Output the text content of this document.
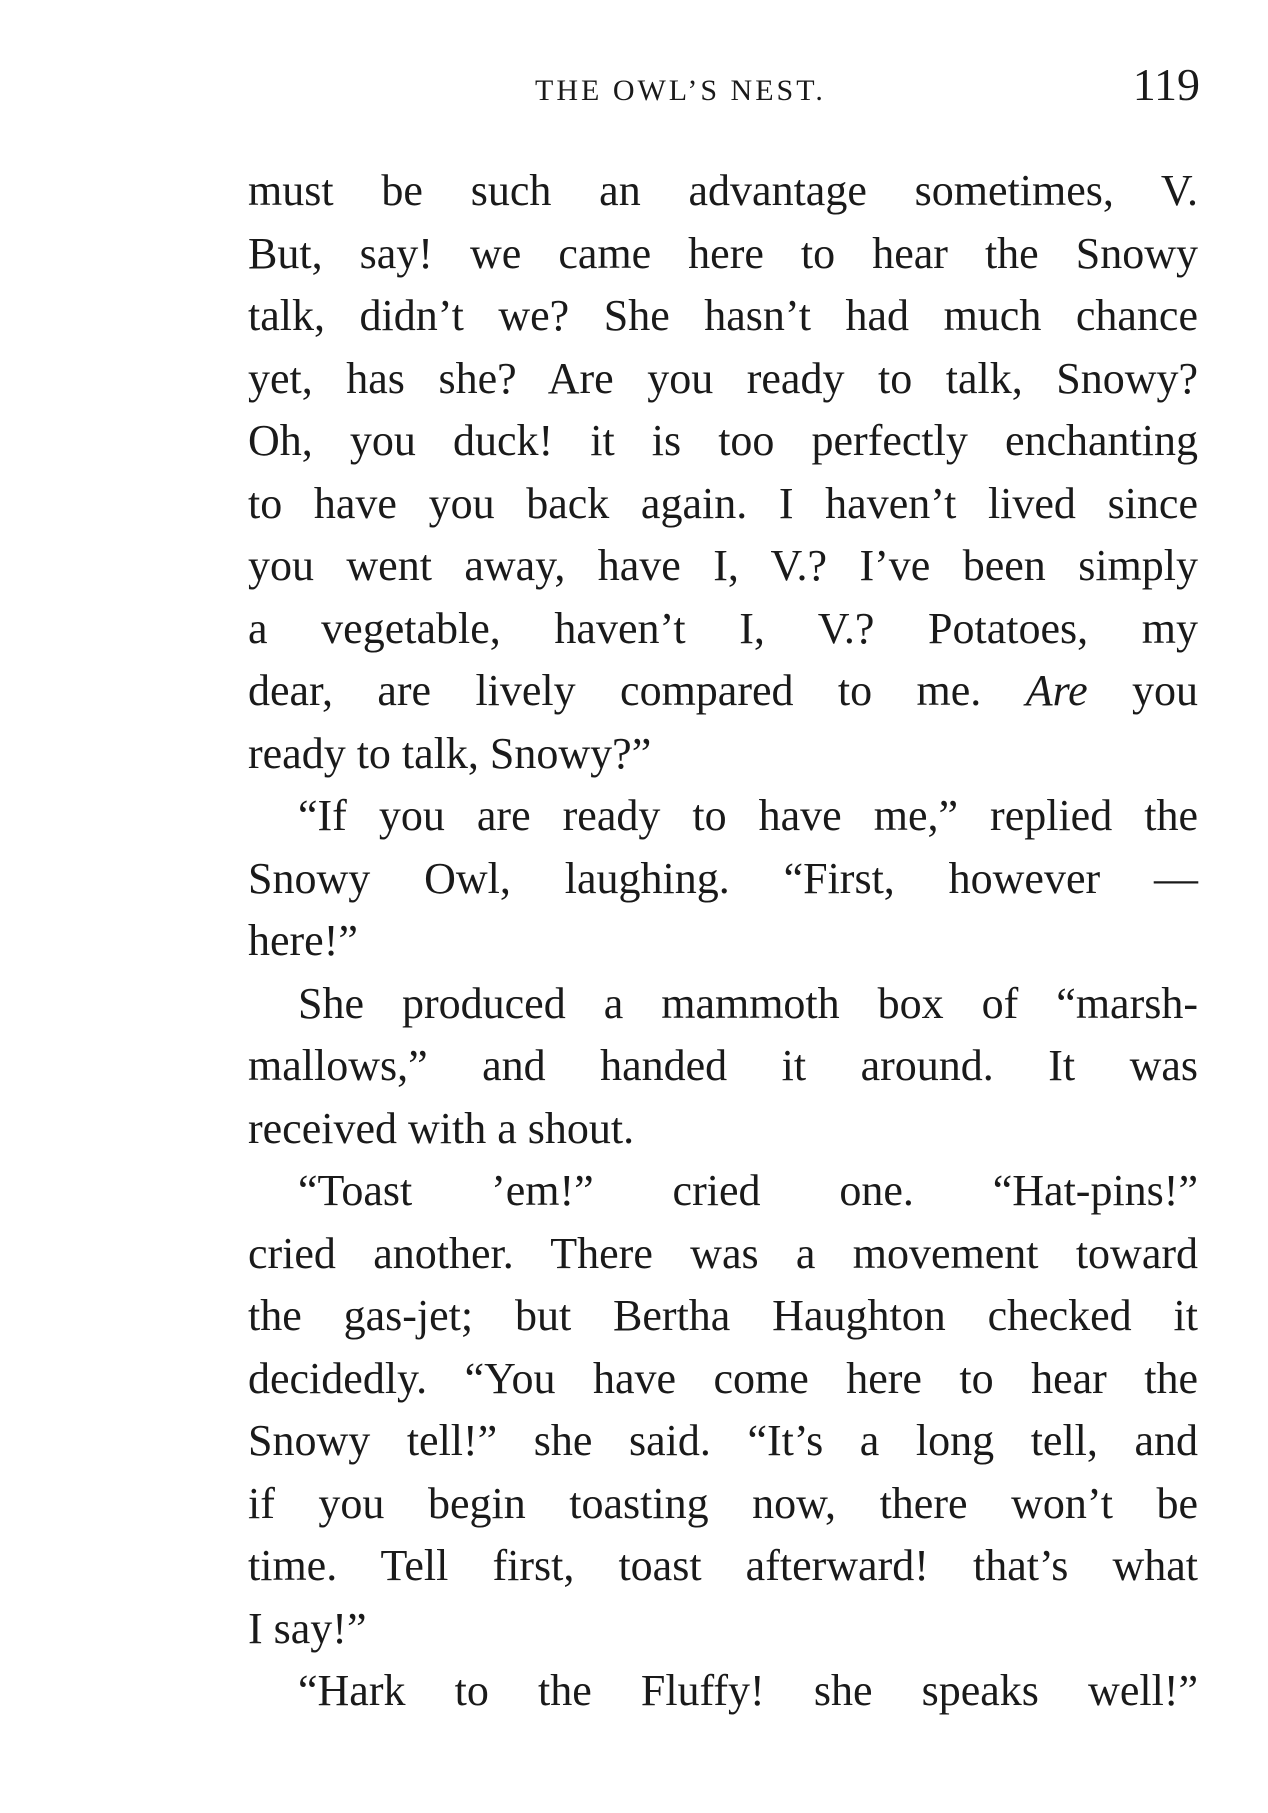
THE OWL’S NEST.	119
must be such an advantage sometimes, V.
But, say! we came here to hear the Snowy
talk, didn’t we? She hasn’t had much chance
yet, has she? Are you ready to talk, Snowy?
Oh, you duck! it is too perfectly enchanting
to have you back again. I haven’t lived since
you went away, have I, V.? I’ve been simply
a vegetable, haven’t I, V.? Potatoes, my
dear, are lively compared to me. Are you
ready to talk, Snowy?”
“If you are ready to have me,” replied the
Snowy Owl, laughing. “First, however —
here!”
She produced a mammoth box of “marsh-
mallows,” and handed it around. It was
received with a shout.
“Toast ’em!” cried one. “Hat-pins!”
cried another. There was a movement toward
the gas-jet; but Bertha Haughton checked it
decidedly. “You have come here to hear the
Snowy tell!” she said. “It’s a long tell, and
if you begin toasting now, there won’t be
time. Tell first, toast afterward! that’s what
I say!”
“Hark to the Fluffy! she speaks well!”
